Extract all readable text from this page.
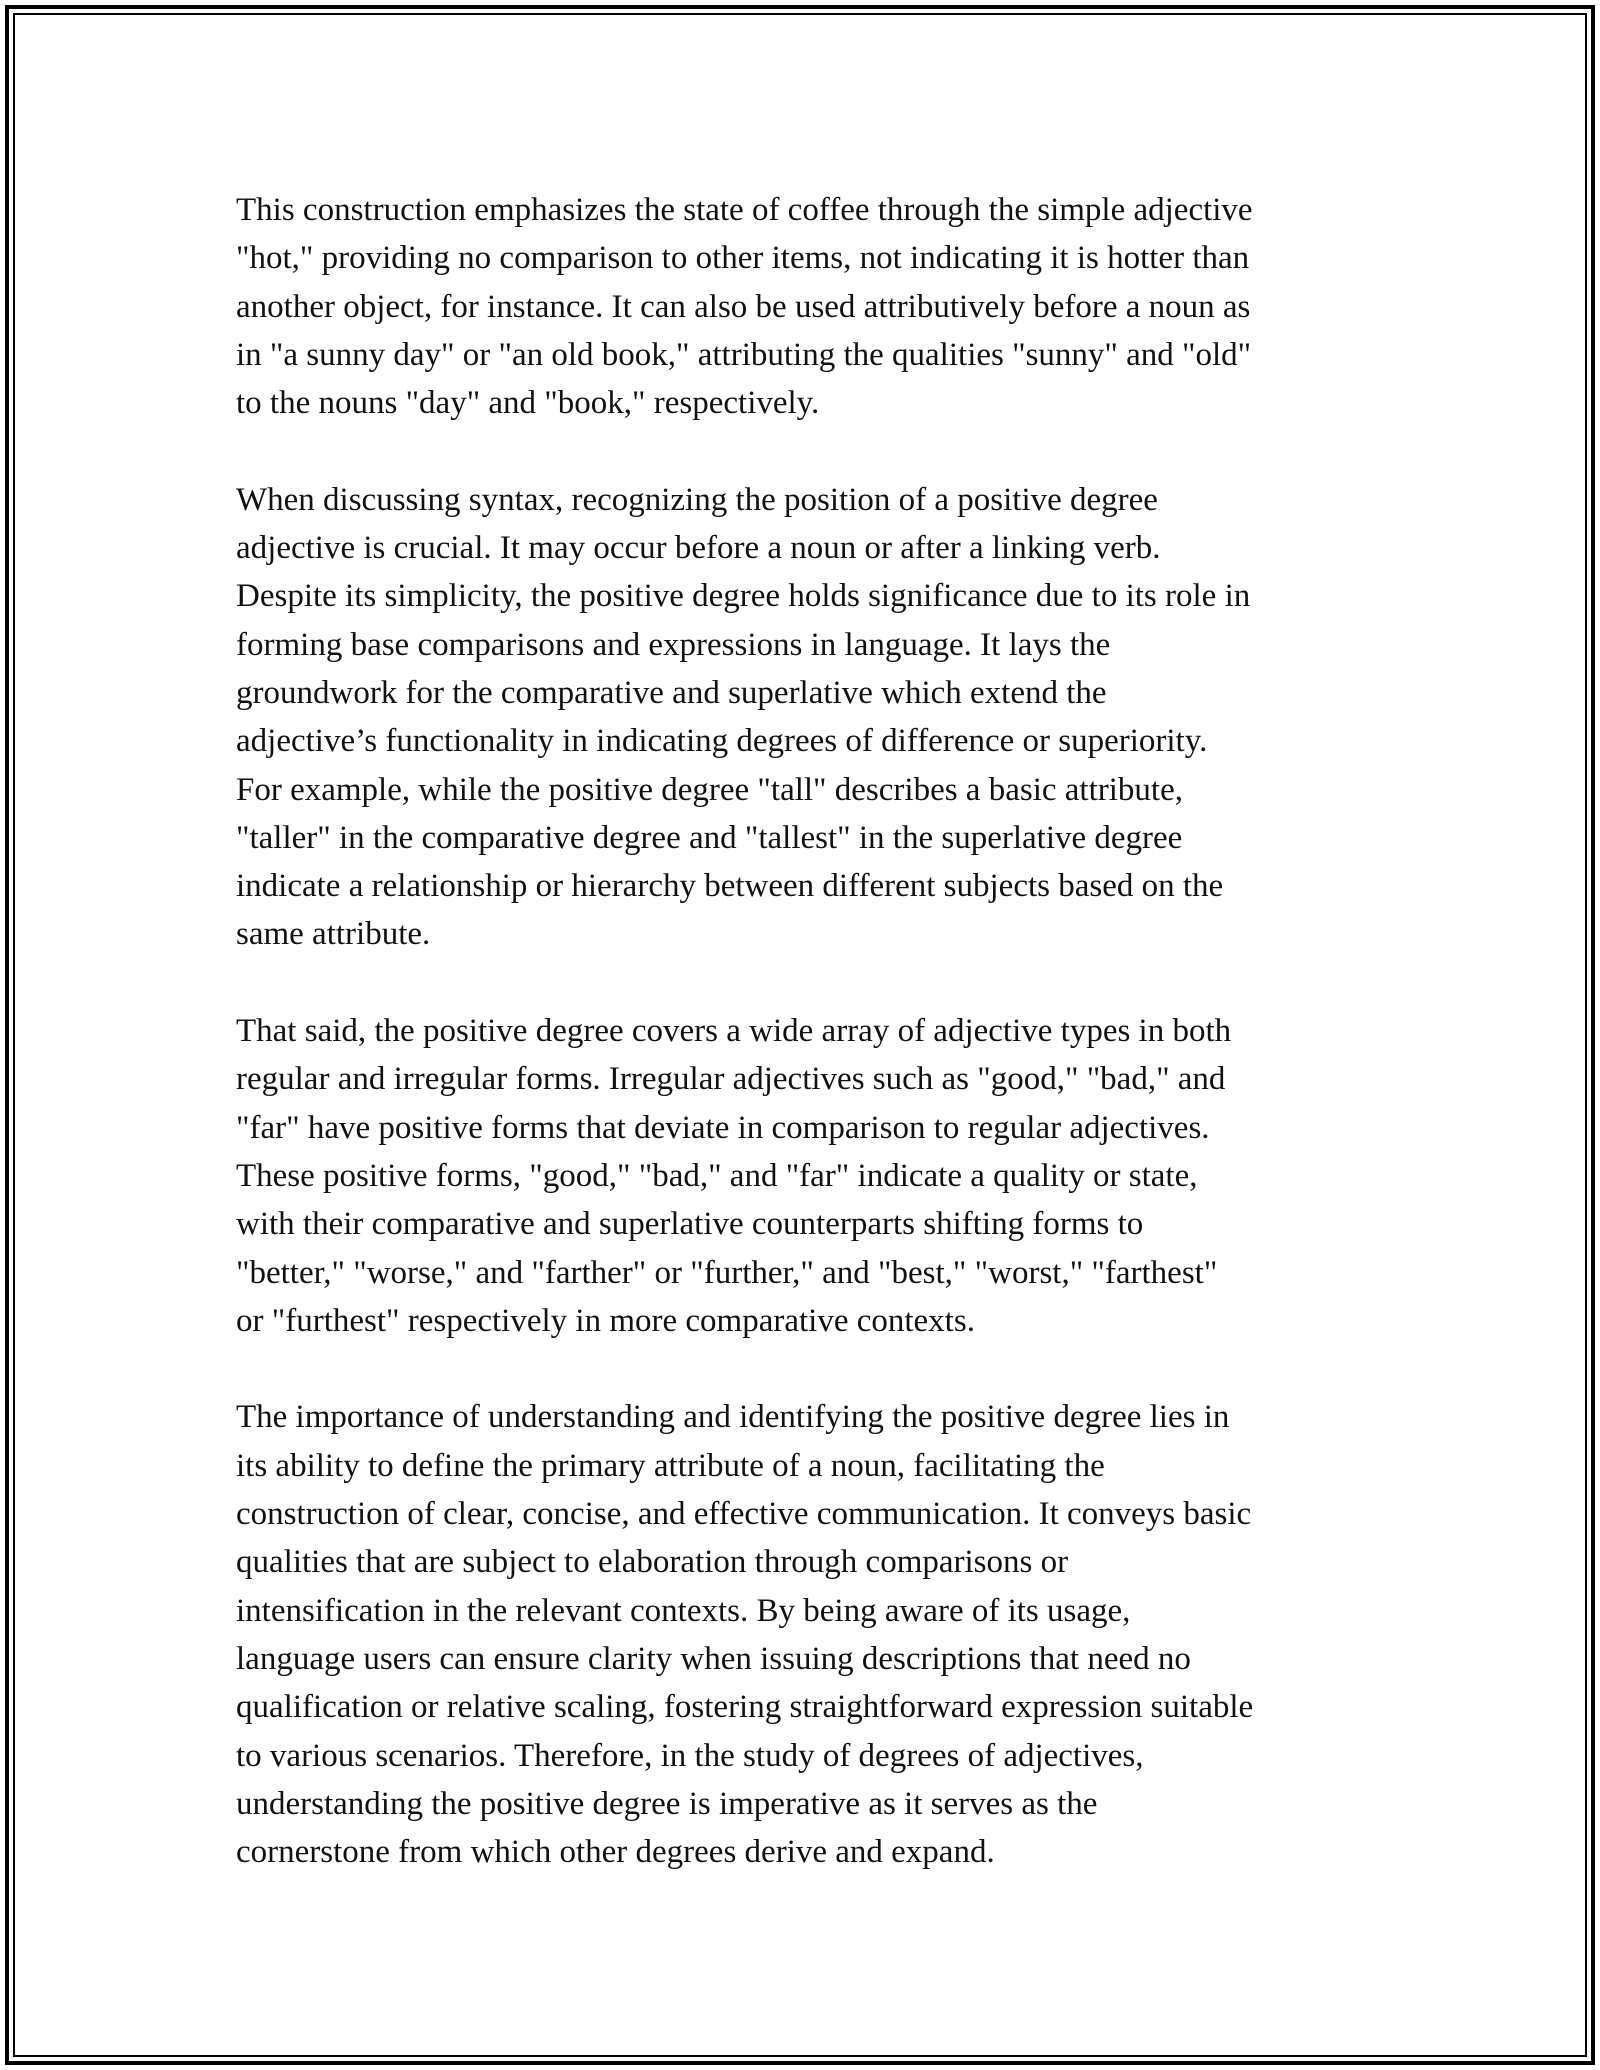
This construction emphasizes the state of coffee through the simple adjective
"hot," providing no comparison to other items, not indicating it is hotter than
another object, for instance. It can also be used attributively before a noun as
in "a sunny day" or "an old book," attributing the qualities "sunny" and "old"
to the nouns "day" and "book," respectively.

When discussing syntax, recognizing the position of a positive degree
adjective is crucial. It may occur before a noun or after a linking verb.
Despite its simplicity, the positive degree holds significance due to its role in
forming base comparisons and expressions in language. It lays the
groundwork for the comparative and superlative which extend the
adjective’s functionality in indicating degrees of difference or superiority.
For example, while the positive degree "tall" describes a basic attribute,
"taller" in the comparative degree and "tallest" in the superlative degree
indicate a relationship or hierarchy between different subjects based on the
same attribute.

That said, the positive degree covers a wide array of adjective types in both
regular and irregular forms. Irregular adjectives such as "good," "bad," and
"far" have positive forms that deviate in comparison to regular adjectives.
These positive forms, "good," "bad," and "far" indicate a quality or state,
with their comparative and superlative counterparts shifting forms to
"better," "worse," and "farther" or "further," and "best," "worst," "farthest"
or "furthest" respectively in more comparative contexts.

The importance of understanding and identifying the positive degree lies in
its ability to define the primary attribute of a noun, facilitating the
construction of clear, concise, and effective communication. It conveys basic
qualities that are subject to elaboration through comparisons or
intensification in the relevant contexts. By being aware of its usage,
language users can ensure clarity when issuing descriptions that need no
qualification or relative scaling, fostering straightforward expression suitable
to various scenarios. Therefore, in the study of degrees of adjectives,
understanding the positive degree is imperative as it serves as the
cornerstone from which other degrees derive and expand.
